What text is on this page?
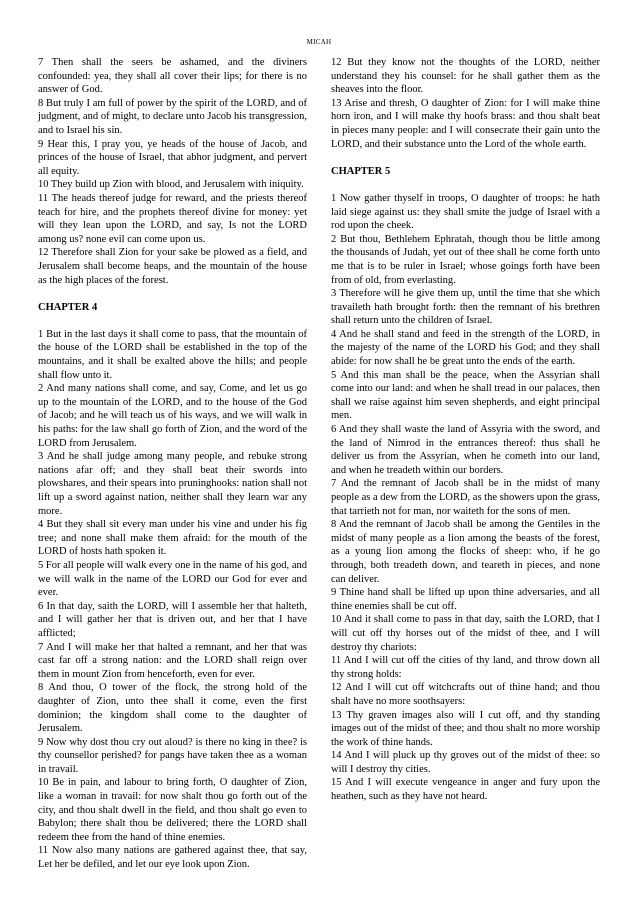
MICAH

7 Then shall the seers be ashamed, and the diviners confounded: yea, they shall all cover their lips; for there is no answer of God.

8 But truly I am full of power by the spirit of the LORD, and of judgment, and of might, to declare unto Jacob his transgression, and to Israel his sin.

9 Hear this, I pray you, ye heads of the house of Jacob, and princes of the house of Israel, that abhor judgment, and pervert all equity.

10 They build up Zion with blood, and Jerusalem with iniquity.

11 The heads thereof judge for reward, and the priests thereof teach for hire, and the prophets thereof divine for money: yet will they lean upon the LORD, and say, Is not the LORD among us? none evil can come upon us.

12 Therefore shall Zion for your sake be plowed as a field, and Jerusalem shall become heaps, and the mountain of the house as the high places of the forest.

CHAPTER 4

1 But in the last days it shall come to pass, that the mountain of the house of the LORD shall be established in the top of the mountains, and it shall be exalted above the hills; and people shall flow unto it.

2 And many nations shall come, and say, Come, and let us go up to the mountain of the LORD, and to the house of the God of Jacob; and he will teach us of his ways, and we will walk in his paths: for the law shall go forth of Zion, and the word of the LORD from Jerusalem.

3 And he shall judge among many people, and rebuke strong nations afar off; and they shall beat their swords into plowshares, and their spears into pruninghooks: nation shall not lift up a sword against nation, neither shall they learn war any more.

4 But they shall sit every man under his vine and under his fig tree; and none shall make them afraid: for the mouth of the LORD of hosts hath spoken it.

5 For all people will walk every one in the name of his god, and we will walk in the name of the LORD our God for ever and ever.

6 In that day, saith the LORD, will I assemble her that halteth, and I will gather her that is driven out, and her that I have afflicted;

7 And I will make her that halted a remnant, and her that was cast far off a strong nation: and the LORD shall reign over them in mount Zion from henceforth, even for ever.

8 And thou, O tower of the flock, the strong hold of the daughter of Zion, unto thee shall it come, even the first dominion; the kingdom shall come to the daughter of Jerusalem.

9 Now why dost thou cry out aloud? is there no king in thee? is thy counsellor perished? for pangs have taken thee as a woman in travail.

10 Be in pain, and labour to bring forth, O daughter of Zion, like a woman in travail: for now shalt thou go forth out of the city, and thou shalt dwell in the field, and thou shalt go even to Babylon; there shalt thou be delivered; there the LORD shall redeem thee from the hand of thine enemies.

11 Now also many nations are gathered against thee, that say, Let her be defiled, and let our eye look upon Zion.

12 But they know not the thoughts of the LORD, neither understand they his counsel: for he shall gather them as the sheaves into the floor.

13 Arise and thresh, O daughter of Zion: for I will make thine horn iron, and I will make thy hoofs brass: and thou shalt beat in pieces many people: and I will consecrate their gain unto the LORD, and their substance unto the Lord of the whole earth.

CHAPTER 5

1 Now gather thyself in troops, O daughter of troops: he hath laid siege against us: they shall smite the judge of Israel with a rod upon the cheek.

2 But thou, Bethlehem Ephratah, though thou be little among the thousands of Judah, yet out of thee shall he come forth unto me that is to be ruler in Israel; whose goings forth have been from of old, from everlasting.

3 Therefore will he give them up, until the time that she which travaileth hath brought forth: then the remnant of his brethren shall return unto the children of Israel.

4 And he shall stand and feed in the strength of the LORD, in the majesty of the name of the LORD his God; and they shall abide: for now shall he be great unto the ends of the earth.

5 And this man shall be the peace, when the Assyrian shall come into our land: and when he shall tread in our palaces, then shall we raise against him seven shepherds, and eight principal men.

6 And they shall waste the land of Assyria with the sword, and the land of Nimrod in the entrances thereof: thus shall he deliver us from the Assyrian, when he cometh into our land, and when he treadeth within our borders.

7 And the remnant of Jacob shall be in the midst of many people as a dew from the LORD, as the showers upon the grass, that tarrieth not for man, nor waiteth for the sons of men.

8 And the remnant of Jacob shall be among the Gentiles in the midst of many people as a lion among the beasts of the forest, as a young lion among the flocks of sheep: who, if he go through, both treadeth down, and teareth in pieces, and none can deliver.

9 Thine hand shall be lifted up upon thine adversaries, and all thine enemies shall be cut off.

10 And it shall come to pass in that day, saith the LORD, that I will cut off thy horses out of the midst of thee, and I will destroy thy chariots:

11 And I will cut off the cities of thy land, and throw down all thy strong holds:

12 And I will cut off witchcrafts out of thine hand; and thou shalt have no more soothsayers:

13 Thy graven images also will I cut off, and thy standing images out of the midst of thee; and thou shalt no more worship the work of thine hands.

14 And I will pluck up thy groves out of the midst of thee: so will I destroy thy cities.

15 And I will execute vengeance in anger and fury upon the heathen, such as they have not heard.
